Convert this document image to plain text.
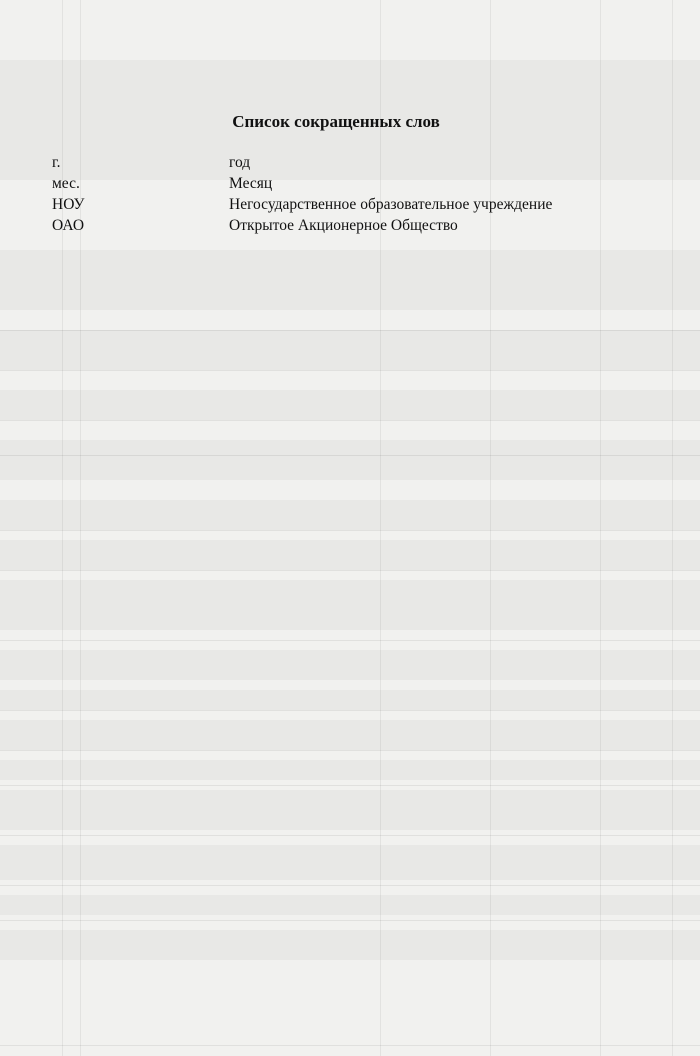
Список сокращенных слов
г.	год
мес.	Месяц
НОУ	Негосударственное образовательное учреждение
ОАО	Открытое Акционерное Общество
